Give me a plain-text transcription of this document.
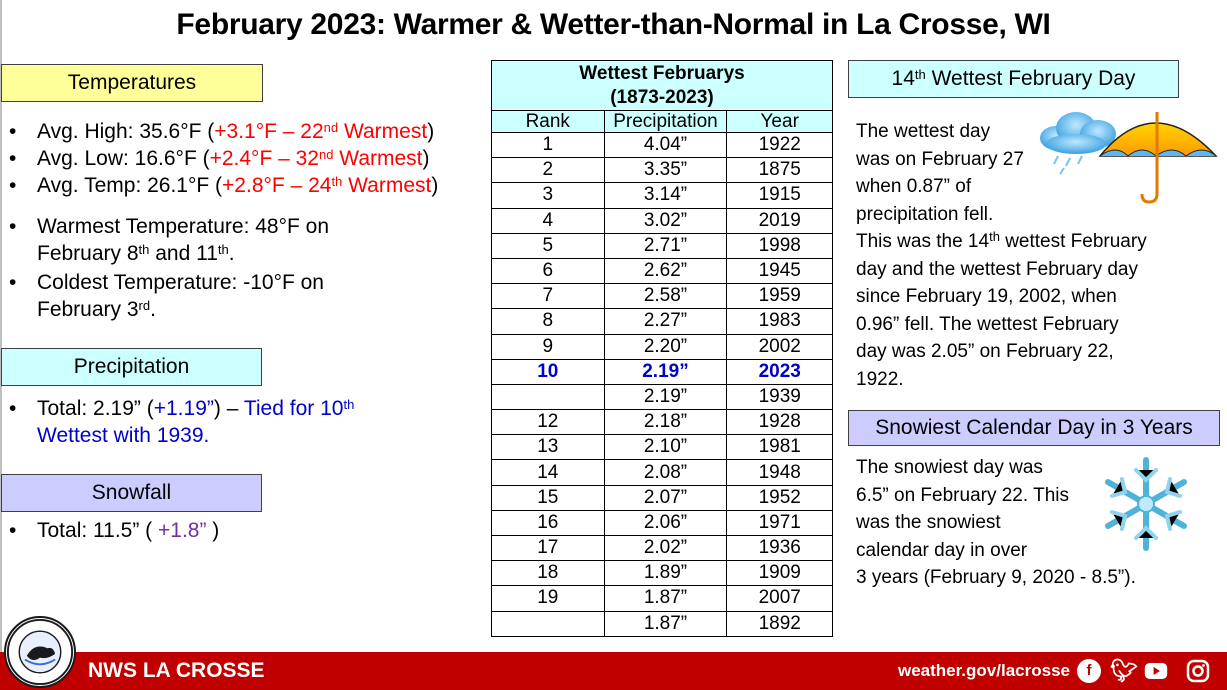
February 2023: Warmer & Wetter-than-Normal in La Crosse, WI
Temperatures
• Avg. High: 35.6°F (+3.1°F – 22nd Warmest)
• Avg. Low: 16.6°F (+2.4°F – 32nd Warmest)
• Avg. Temp: 26.1°F (+2.8°F – 24th Warmest)
• Warmest Temperature: 48°F on
February 8th and 11th.
• Coldest Temperature: -10°F on
February 3rd.
Precipitation
• Total: 2.19” (+1.19”) – Tied for 10th
Wettest with 1939.
Snowfall
• Total: 11.5” ( +1.8” )
Wettest Februarys
(1873-2023)		
Rank	Precipitation	Year
1	4.04”	1922
2	3.35”	1875
3	3.14”	1915
4	3.02”	2019
5	2.71”	1998
6	2.62”	1945
7	2.58”	1959
8	2.27”	1983
9	2.20”	2002
10	2.19”	2023
	2.19”	1939
12	2.18”	1928
13	2.10”	1981
14	2.08”	1948
15	2.07”	1952
16	2.06”	1971
17	2.02”	1936
18	1.89”	1909
19	1.87”	2007
	1.87”	1892
14th Wettest February Day
The wettest day
was on February 27
when 0.87” of
precipitation fell.
This was the 14th wettest February
day and the wettest February day
since February 19, 2002, when
0.96” fell. The wettest February
day was 2.05” on February 22,
1922.
Snowiest Calendar Day in 3 Years
The snowiest day was
6.5” on February 22. This
was the snowiest
calendar day in over
3 years (February 9, 2020 - 8.5”).
NWS LA CROSSE	weather.gov/lacrosse	f 🐦︎
